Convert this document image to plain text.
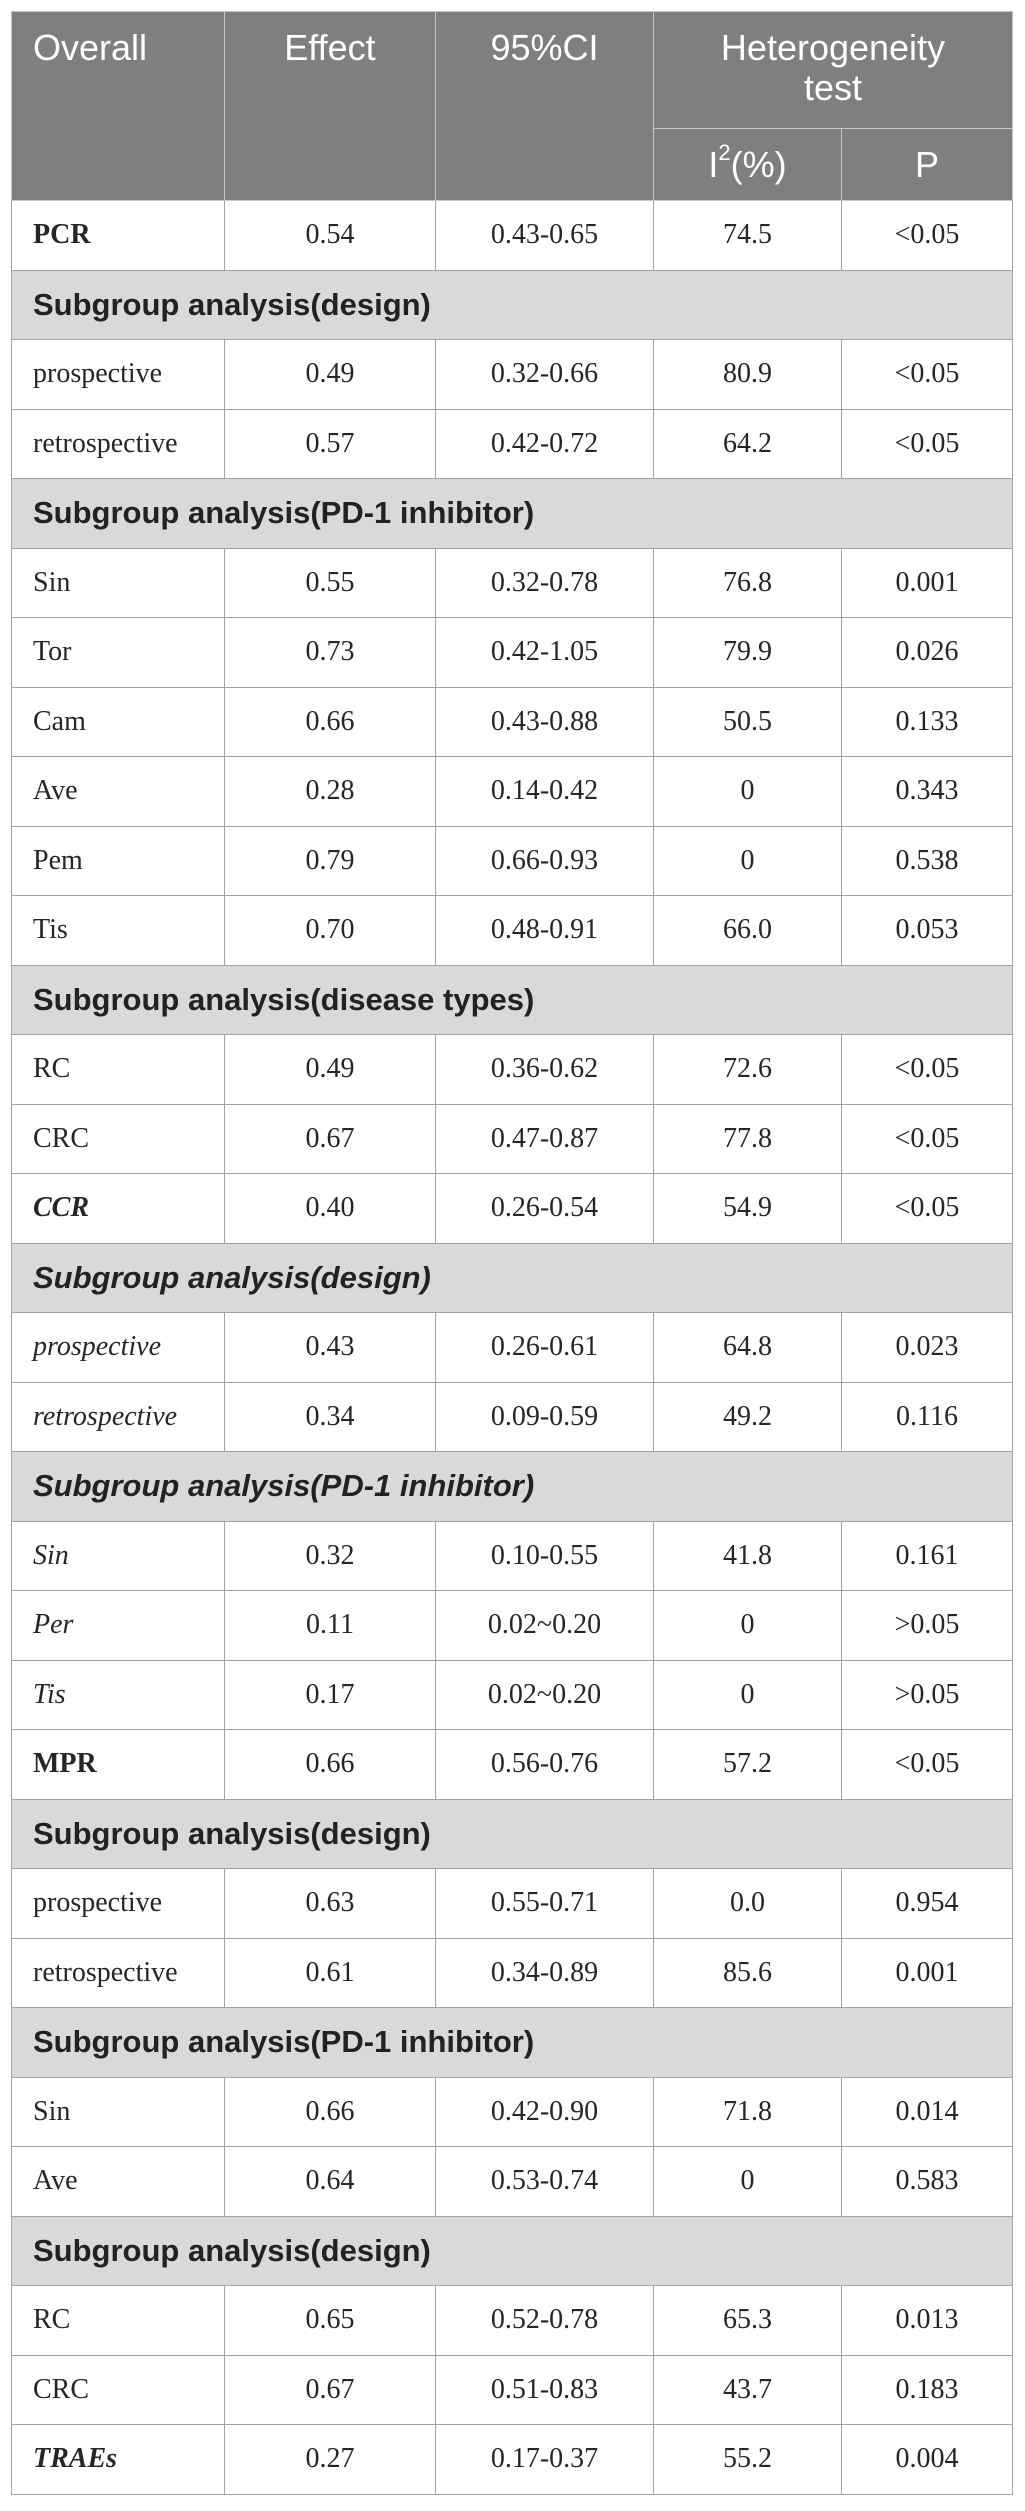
Overall	Effect	95%CI	Heterogeneity test	
			$I^2(\%)$	P
PCR	0.54	0.43-0.65	74.5	<0.05
Subgroup analysis(design)				
prospective	0.49	0.32-0.66	80.9	<0.05
retrospective	0.57	0.42-0.72	64.2	<0.05
Subgroup analysis(PD-1 inhibitor)				
Sin	0.55	0.32-0.78	76.8	0.001
Tor	0.73	0.42-1.05	79.9	0.026
Cam	0.66	0.43-0.88	50.5	0.133
Ave	0.28	0.14-0.42	0	0.343
Pem	0.79	0.66-0.93	0	0.538
Tis	0.70	0.48-0.91	66.0	0.053
Subgroup analysis(disease types)				
RC	0.49	0.36-0.62	72.6	<0.05
CRC	0.67	0.47-0.87	77.8	<0.05
CCR	0.40	0.26-0.54	54.9	<0.05
Subgroup analysis(design)				
prospective	0.43	0.26-0.61	64.8	0.023
retrospective	0.34	0.09-0.59	49.2	0.116
Subgroup analysis(PD-1 inhibitor)				
Sin	0.32	0.10-0.55	41.8	0.161
Per	0.11	0.02~0.20	0	>0.05
Tis	0.17	0.02~0.20	0	>0.05
MPR	0.66	0.56-0.76	57.2	<0.05
Subgroup analysis(design)				
prospective	0.63	0.55-0.71	0.0	0.954
retrospective	0.61	0.34-0.89	85.6	0.001
Subgroup analysis(PD-1 inhibitor)				
Sin	0.66	0.42-0.90	71.8	0.014
Ave	0.64	0.53-0.74	0	0.583
Subgroup analysis(design)				
RC	0.65	0.52-0.78	65.3	0.013
CRC	0.67	0.51-0.83	43.7	0.183
TRAEs	0.27	0.17-0.37	55.2	0.004
